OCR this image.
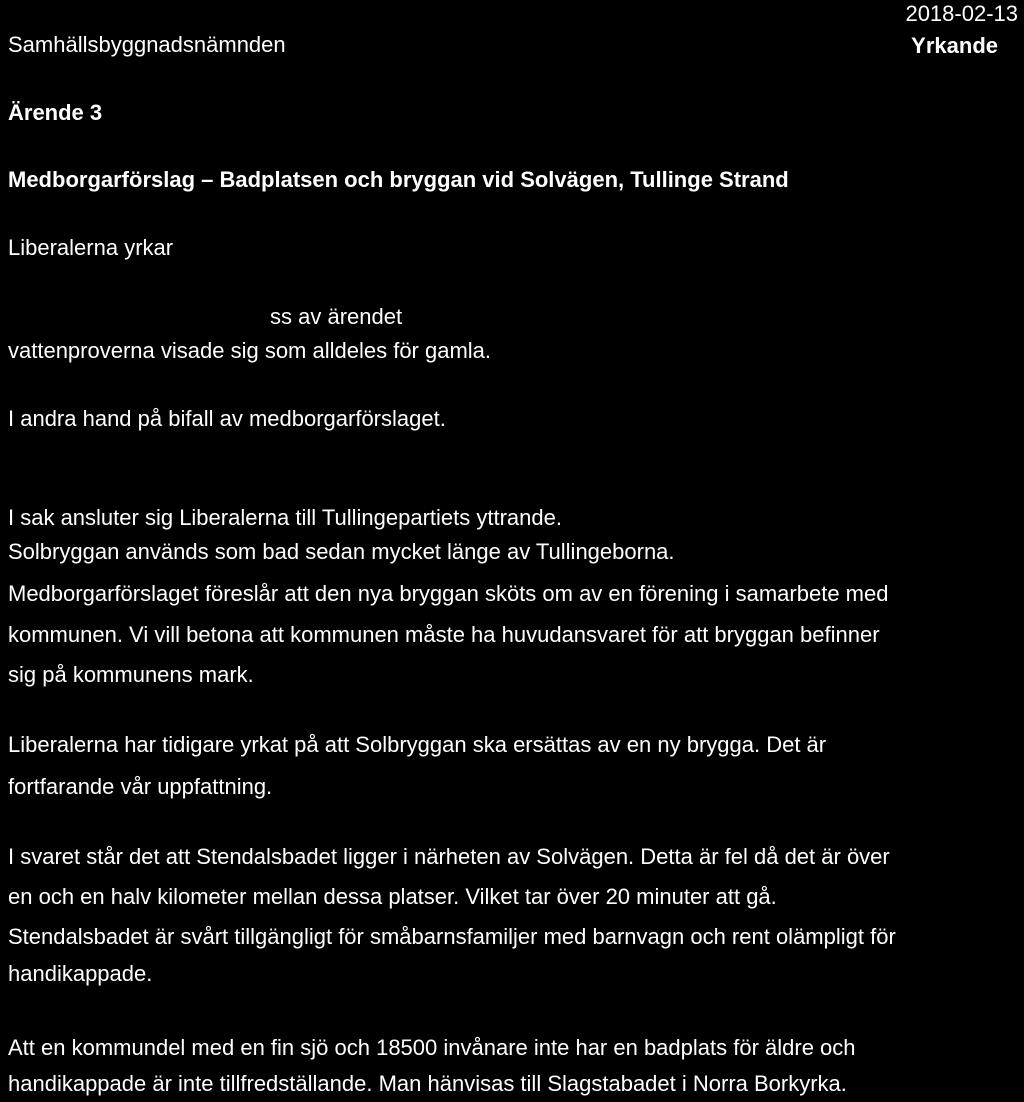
2018-02-13
Samhällsbyggnadsnämnden	Yrkande
Ärende 3
Medborgarförslag – Badplatsen och bryggan vid Solvägen, Tullinge Strand
Liberalerna yrkar
ss av ärendet
vattenproverna visade sig som alldeles för gamla.
I andra hand på bifall av medborgarförslaget.
I sak ansluter sig Liberalerna till Tullingepartiets yttrande.
Solbryggan används som bad sedan mycket länge av Tullingeborna.
Medborgarförslaget föreslår att den nya bryggan sköts om av en förening i samarbete med
kommunen. Vi vill betona att kommunen måste ha huvudansvaret för att bryggan befinner
sig på kommunens mark.
Liberalerna har tidigare yrkat på att Solbryggan ska ersättas av en ny brygga. Det är
fortfarande vår uppfattning.
I svaret står det att Stendalsbadet ligger i närheten av Solvägen. Detta är fel då det är över
en och en halv kilometer mellan dessa platser. Vilket tar över 20 minuter att gå.
Stendalsbadet är svårt tillgängligt för småbarnsfamiljer med barnvagn och rent olämpligt för
handikappade.
Att en kommundel med en fin sjö och 18500 invånare inte har en badplats för äldre och
handikappade är inte tillfredställande. Man hänvisas till Slagstabadet i Norra Borkyrka.
